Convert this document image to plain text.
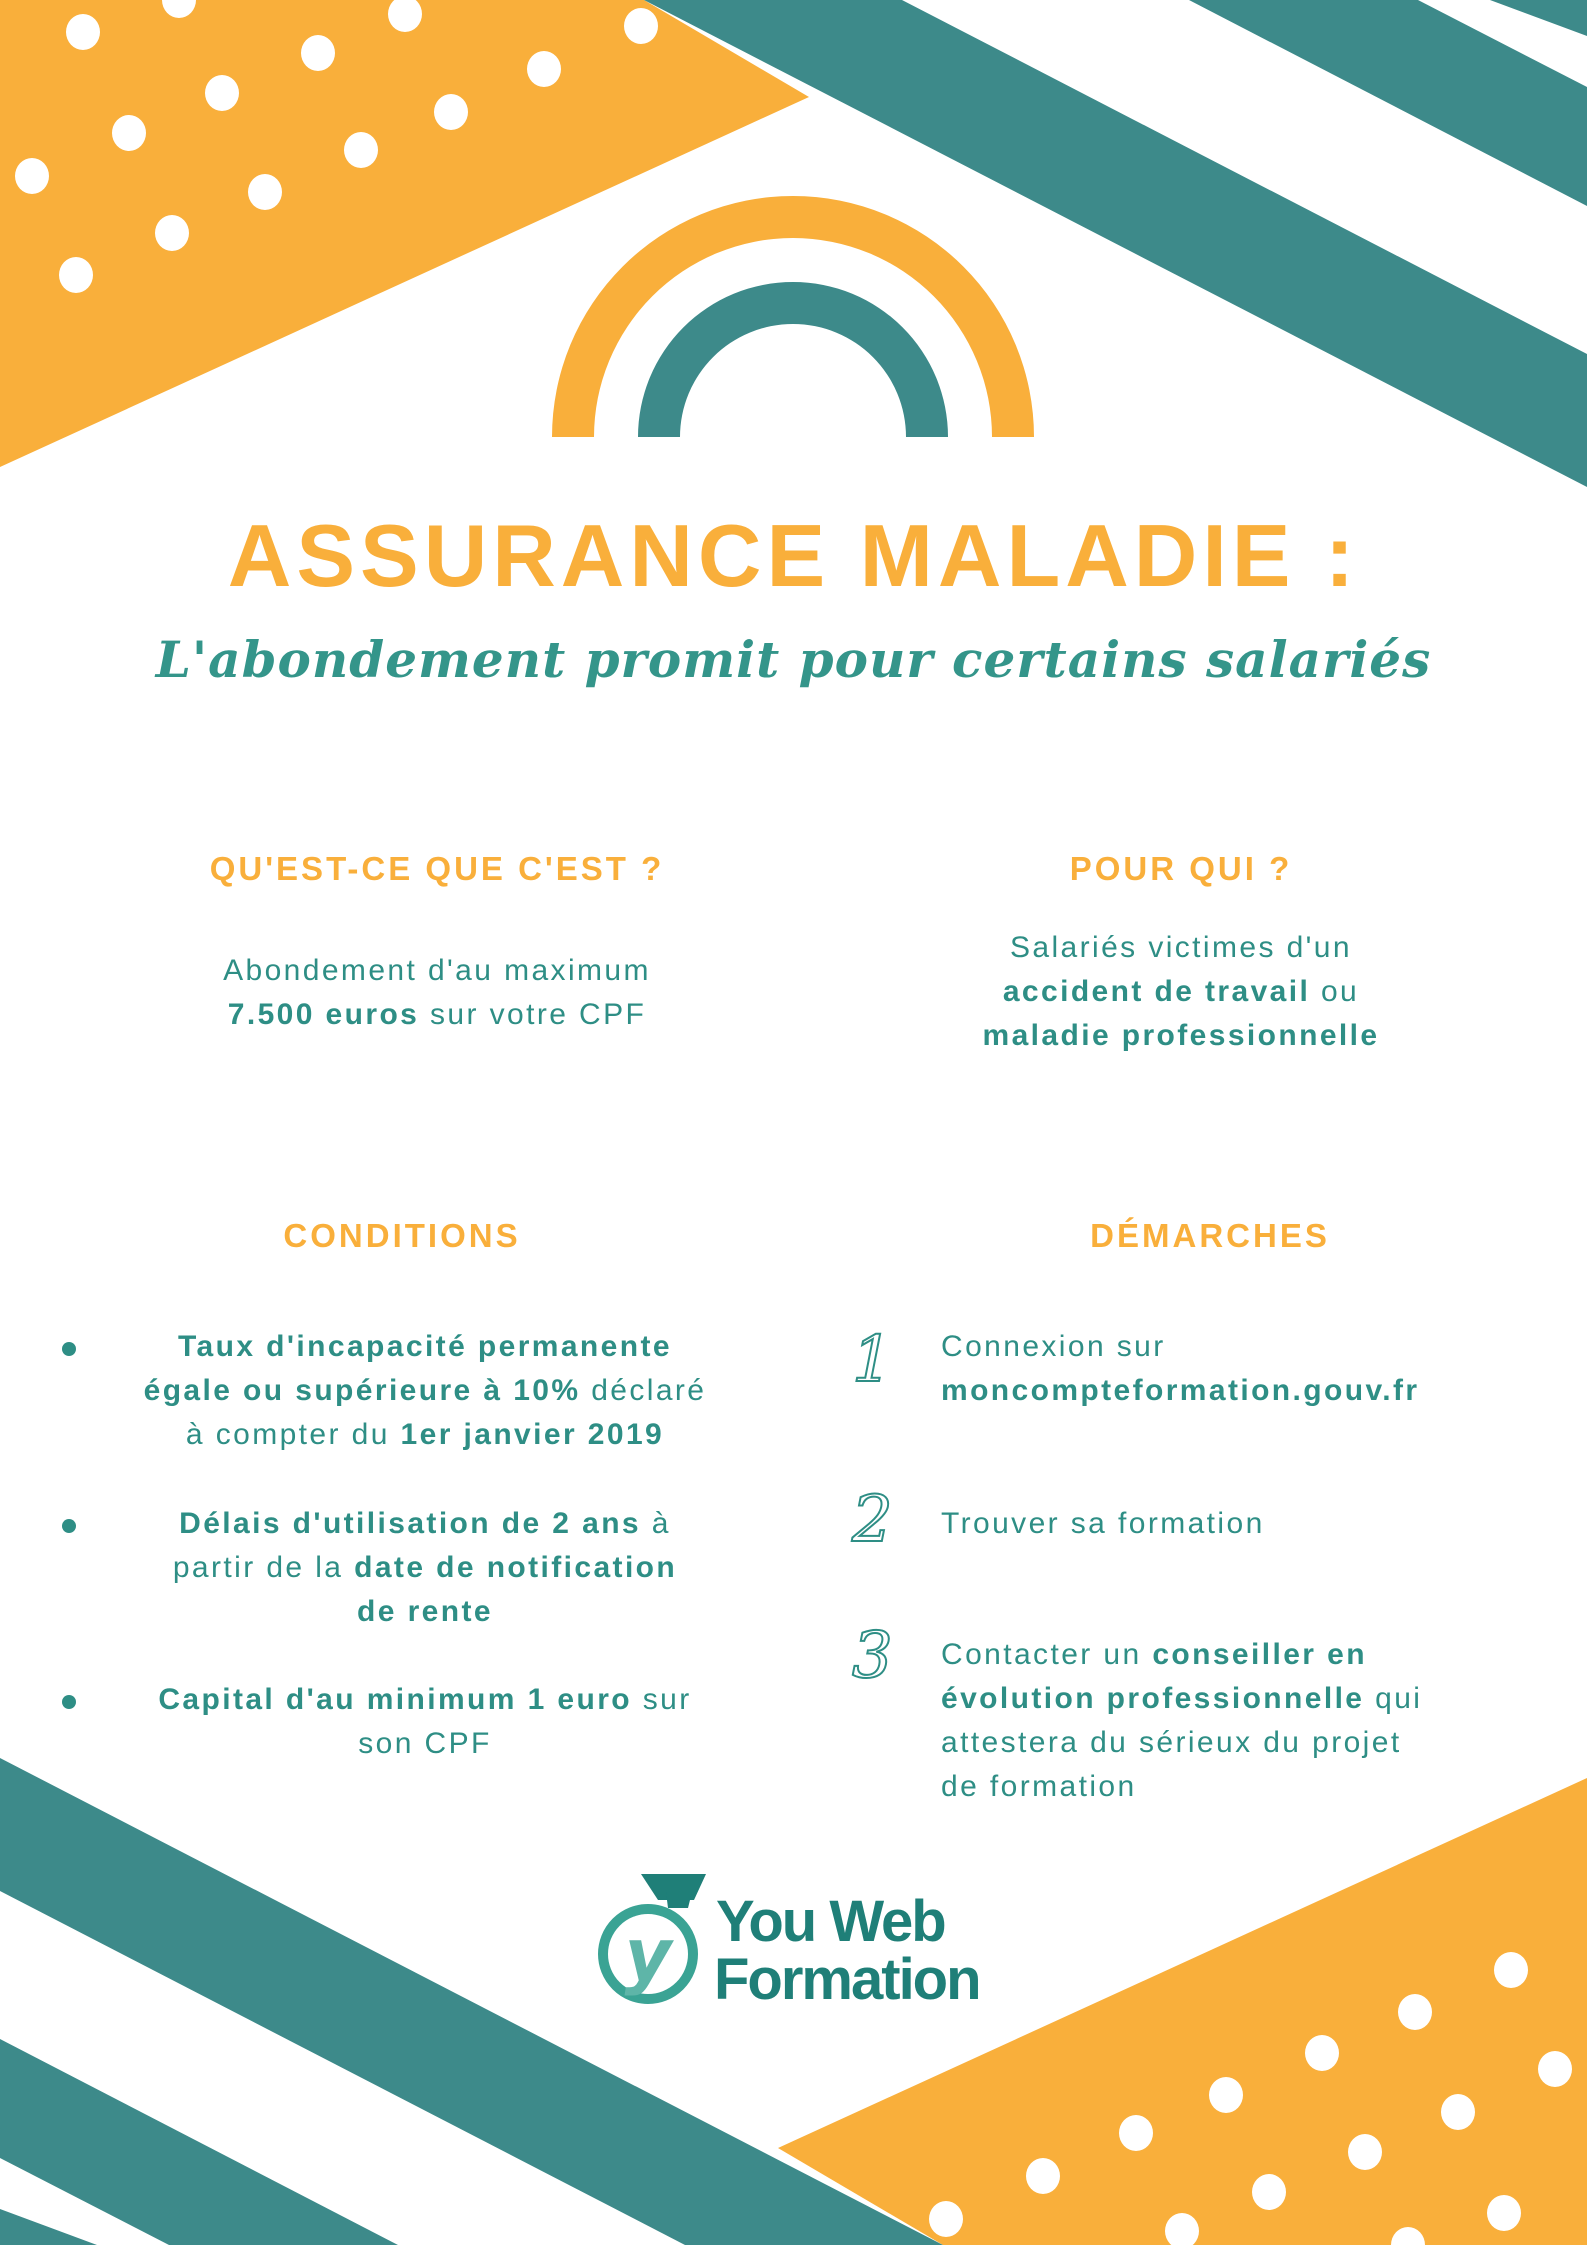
ASSURANCE MALADIE :
L'abondement promit pour certains salariés
QU'EST-CE QUE C'EST ?
Abondement d'au maximum
7.500 euros sur votre CPF
POUR QUI ?
Salariés victimes d'un
accident de travail ou
maladie professionnelle
CONDITIONS
Taux d'incapacité permanente
égale ou supérieure à 10% déclaré
à compter du 1er janvier 2019
Délais d'utilisation de 2 ans à
partir de la date de notification
de rente
Capital d'au minimum 1 euro sur
son CPF
DÉMARCHES
1 Connexion sur
moncompteformation.gouv.fr
2 Trouver sa formation
3 Contacter un conseiller en
évolution professionnelle qui
attestera du sérieux du projet
de formation
y You Web
Formation
